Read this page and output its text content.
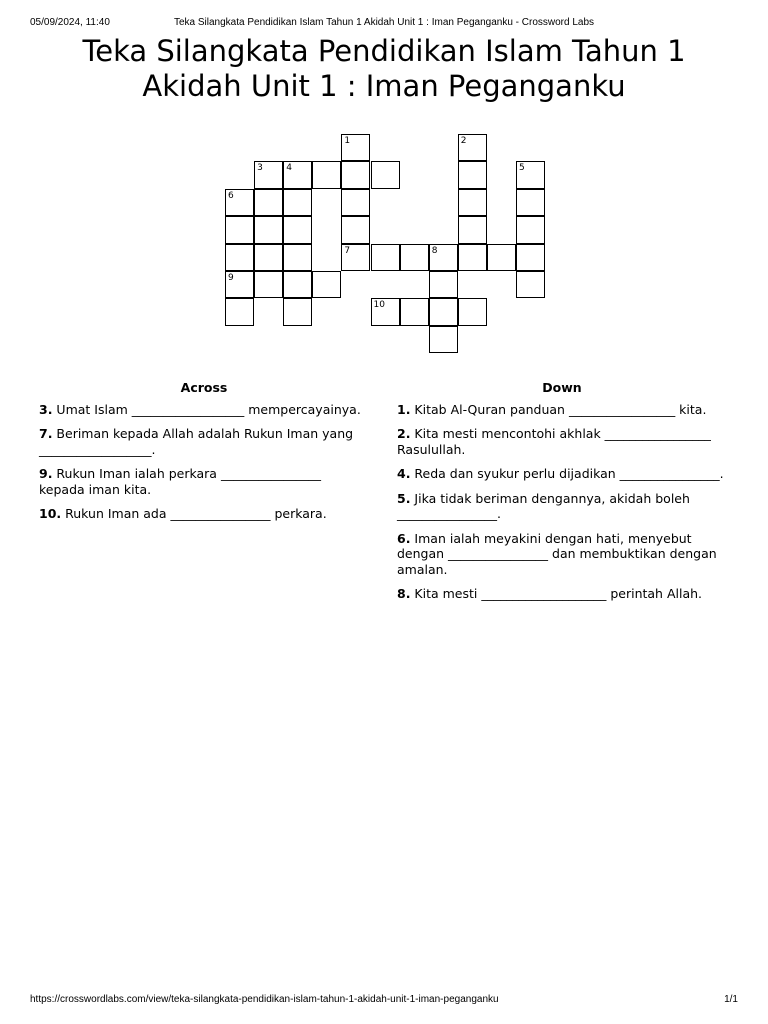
05/09/2024, 11:40	Teka Silangkata Pendidikan Islam Tahun 1 Akidah Unit 1 : Iman Peganganku - Crossword Labs
Teka Silangkata Pendidikan Islam Tahun 1
Akidah Unit 1 : Iman Peganganku
1	2
3	4	5
6
7	8
9
10
Across
3. Umat Islam __________________ mempercayainya.
7. Beriman kepada Allah adalah Rukun Iman yang __________________.
9. Rukun Iman ialah perkara ________________ kepada iman kita.
10. Rukun Iman ada ________________ perkara.
Down
1. Kitab Al-Quran panduan _________________ kita.
2. Kita mesti mencontohi akhlak _________________ Rasulullah.
4. Reda dan syukur perlu dijadikan ________________.
5. Jika tidak beriman dengannya, akidah boleh ________________.
6. Iman ialah meyakini dengan hati, menyebut dengan ________________ dan membuktikan dengan amalan.
8. Kita mesti ____________________ perintah Allah.
https://crosswordlabs.com/view/teka-silangkata-pendidikan-islam-tahun-1-akidah-unit-1-iman-peganganku	1/1
